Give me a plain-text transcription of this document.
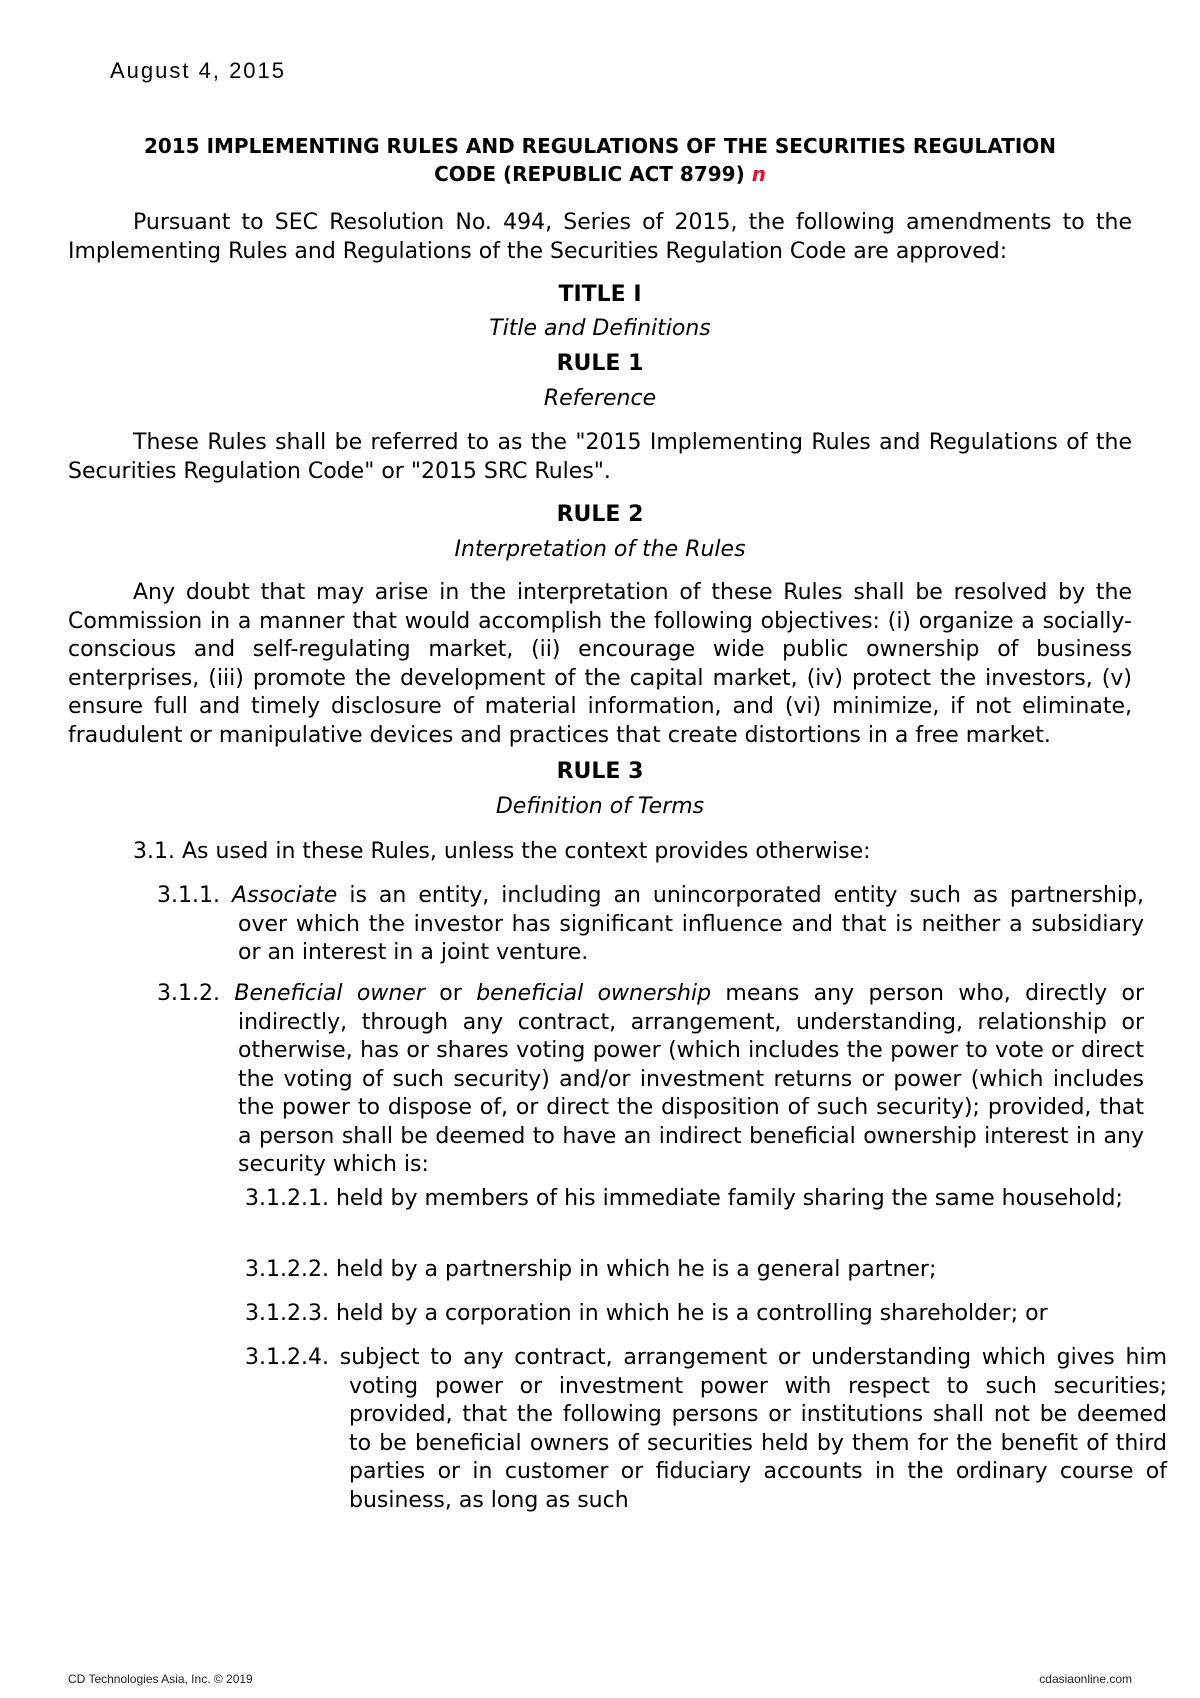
August 4, 2015
2015 IMPLEMENTING RULES AND REGULATIONS OF THE SECURITIES REGULATION
CODE (REPUBLIC ACT 8799) n
Pursuant to SEC Resolution No. 494, Series of 2015, the following amendments to the Implementing Rules and Regulations of the Securities Regulation Code are approved:
TITLE I
Title and Definitions
RULE 1
Reference
These Rules shall be referred to as the "2015 Implementing Rules and Regulations of the Securities Regulation Code" or "2015 SRC Rules".
RULE 2
Interpretation of the Rules
Any doubt that may arise in the interpretation of these Rules shall be resolved by the Commission in a manner that would accomplish the following objectives: (i) organize a socially-conscious and self-regulating market, (ii) encourage wide public ownership of business enterprises, (iii) promote the development of the capital market, (iv) protect the investors, (v) ensure full and timely disclosure of material information, and (vi) minimize, if not eliminate, fraudulent or manipulative devices and practices that create distortions in a free market.
RULE 3
Definition of Terms
3.1. As used in these Rules, unless the context provides otherwise:
3.1.1. Associate is an entity, including an unincorporated entity such as partnership, over which the investor has significant influence and that is neither a subsidiary or an interest in a joint venture.
3.1.2. Beneficial owner or beneficial ownership means any person who, directly or indirectly, through any contract, arrangement, understanding, relationship or otherwise, has or shares voting power (which includes the power to vote or direct the voting of such security) and/or investment returns or power (which includes the power to dispose of, or direct the disposition of such security); provided, that a person shall be deemed to have an indirect beneficial ownership interest in any security which is:
3.1.2.1. held by members of his immediate family sharing the same household;
3.1.2.2. held by a partnership in which he is a general partner;
3.1.2.3. held by a corporation in which he is a controlling shareholder; or
3.1.2.4. subject to any contract, arrangement or understanding which gives him voting power or investment power with respect to such securities; provided, that the following persons or institutions shall not be deemed to be beneficial owners of securities held by them for the benefit of third parties or in customer or fiduciary accounts in the ordinary course of business, as long as such
CD Technologies Asia, Inc. © 2019	cdasiaonline.com
